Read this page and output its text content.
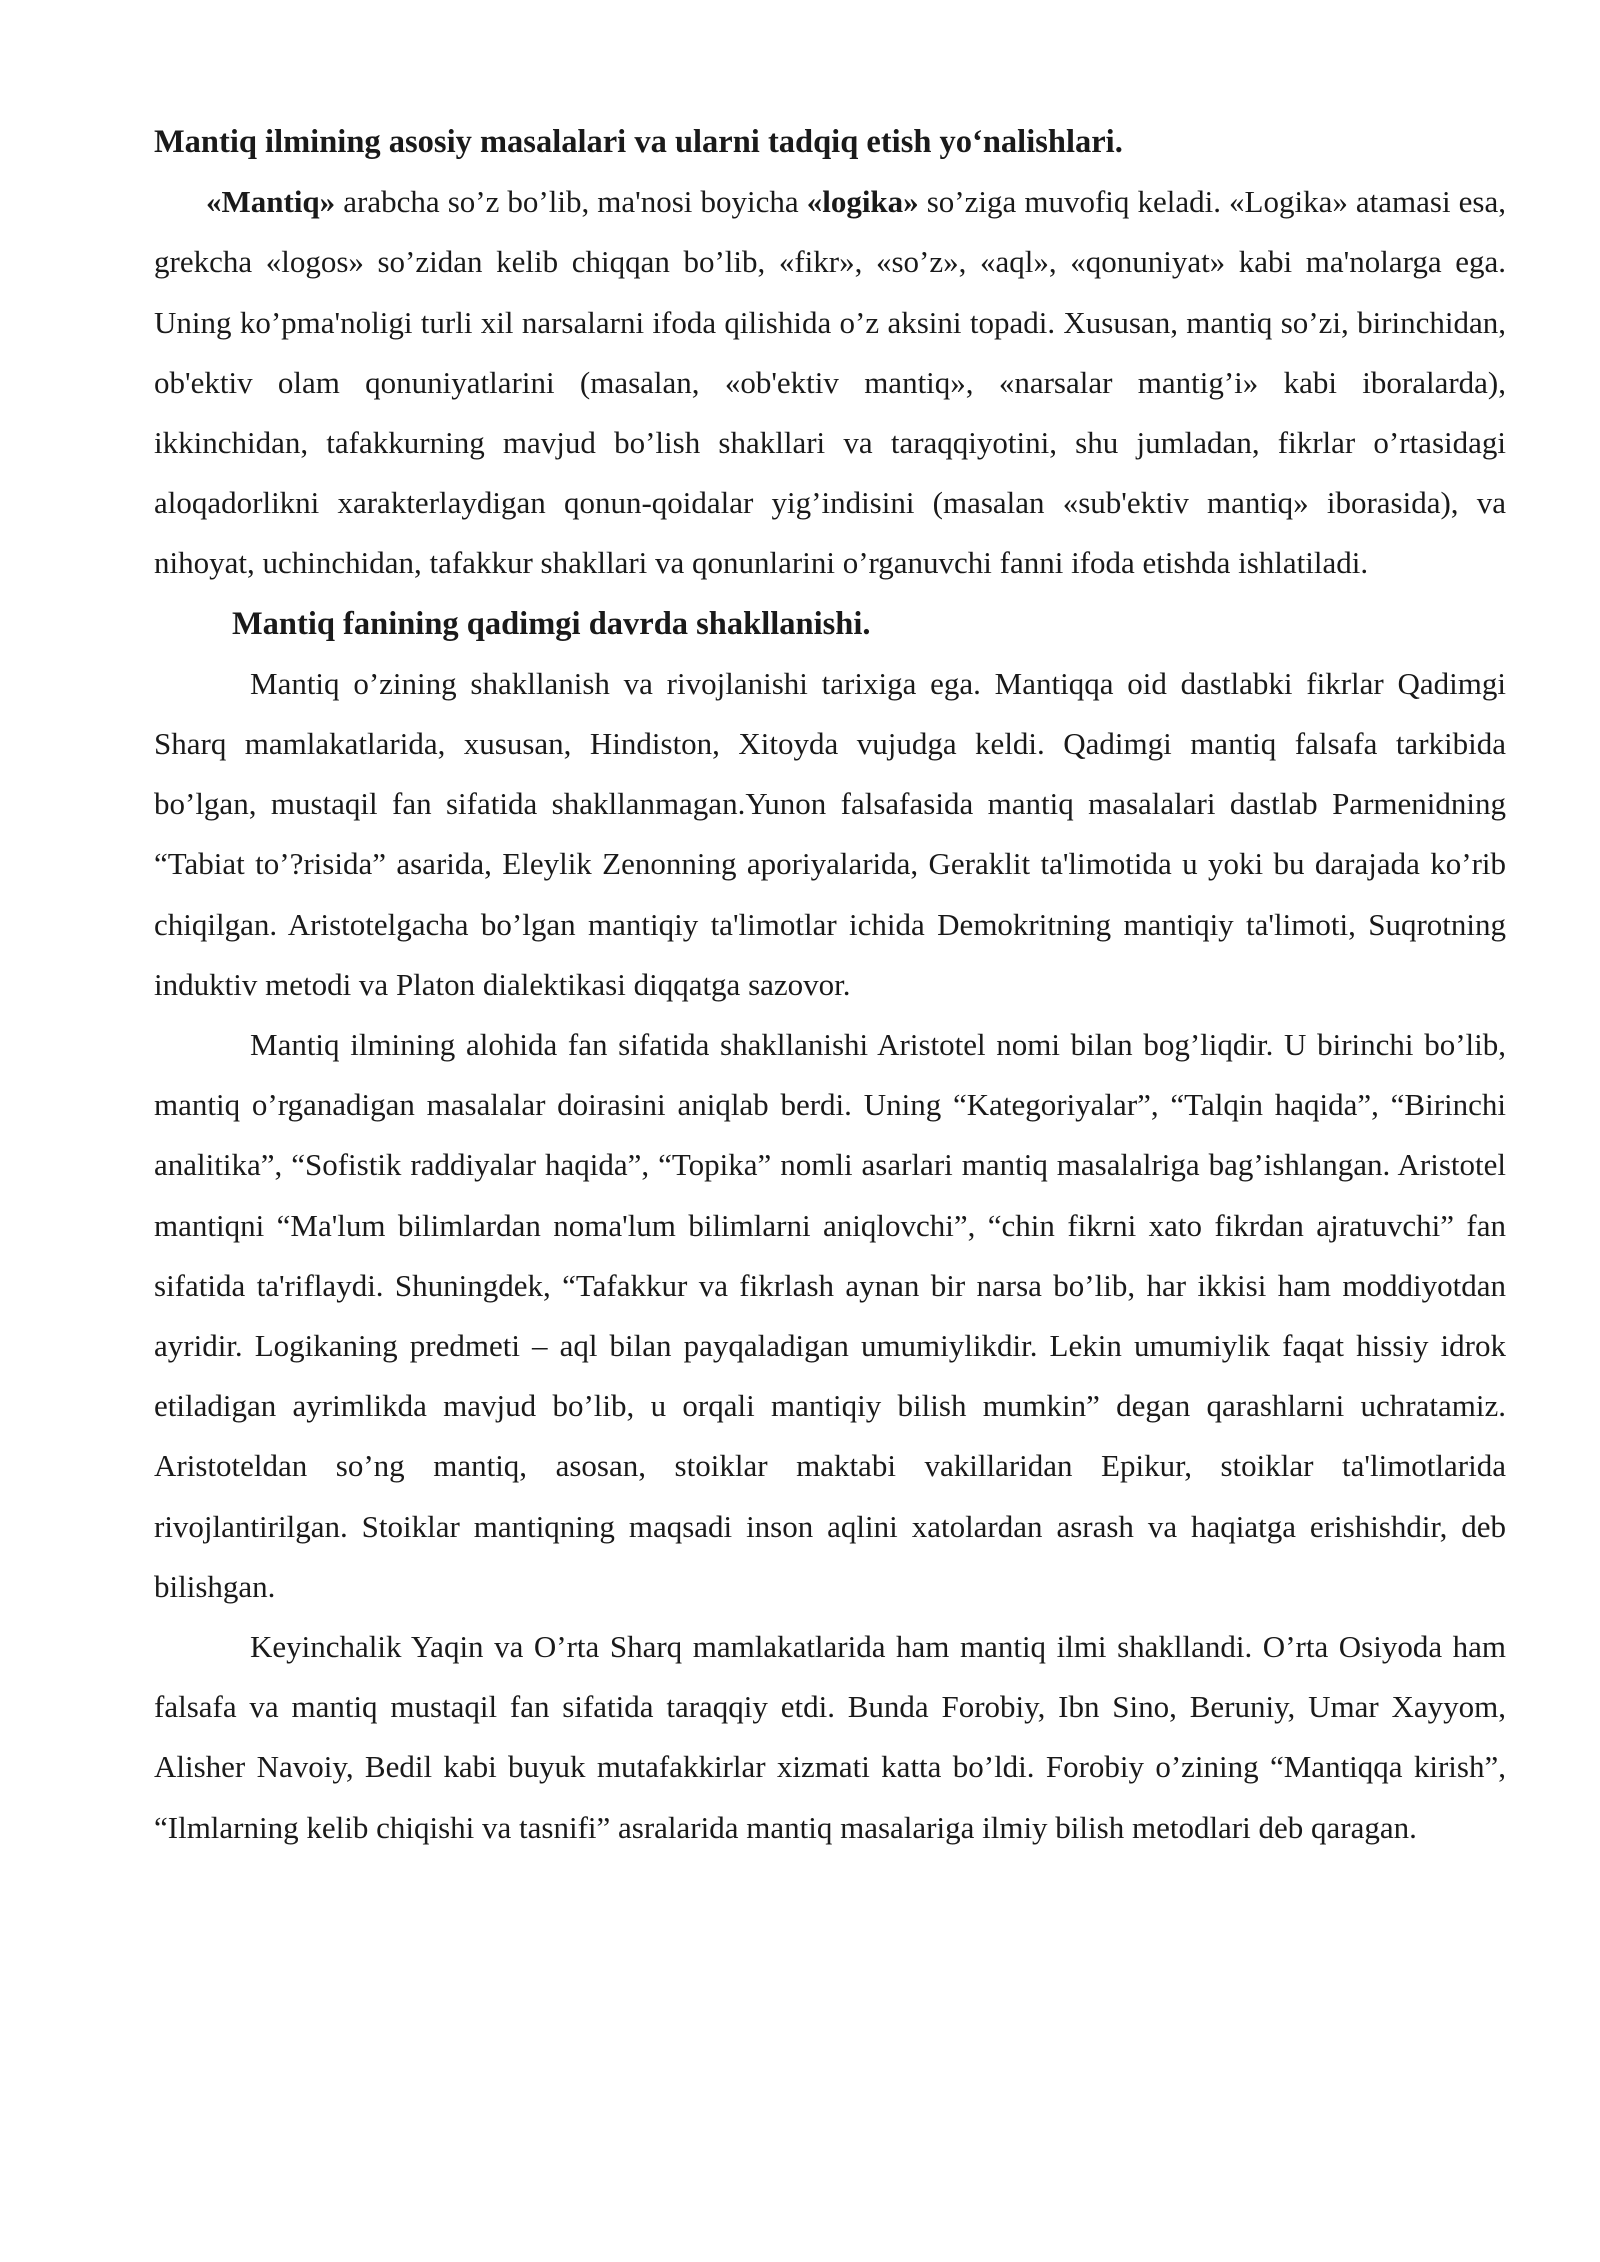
Mantiq ilmining asosiy masalalari va ularni tadqiq etish yo‘nalishlari.

«Mantiq» arabcha so’z bo’lib, ma'nosi boyicha «logika» so’ziga muvofiq keladi. «Logika» atamasi esa, grekcha «logos» so’zidan kelib chiqqan bo’lib, «fikr», «so’z», «aql», «qonuniyat» kabi ma'nolarga ega. Uning ko’pma'noligi turli xil narsalarni ifoda qilishida o’z aksini topadi. Xususan, mantiq so’zi, birinchidan, ob'ektiv olam qonuniyatlarini (masalan, «ob'ektiv mantiq», «narsalar mantig’i» kabi iboralarda), ikkinchidan, tafakkurning mavjud bo’lish shakllari va taraqqiyotini, shu jumladan, fikrlar o’rtasidagi aloqadorlikni xarakterlaydigan qonun-qoidalar yig’indisini (masalan «sub'ektiv mantiq» iborasida), va nihoyat, uchinchidan, tafakkur shakllari va qonunlarini o’rganuvchi fanni ifoda etishda ishlatiladi.

Mantiq fanining qadimgi davrda shakllanishi.

Mantiq o’zining shakllanish va rivojlanishi tarixiga ega. Mantiqqa oid dastlabki fikrlar Qadimgi Sharq mamlakatlarida, xususan, Hindiston, Xitoyda vujudga keldi. Qadimgi mantiq falsafa tarkibida bo’lgan, mustaqil fan sifatida shakllanmagan.Yunon falsafasida mantiq masalalari dastlab Parmenidning “Tabiat to’?risida” asarida, Eleylik Zenonning aporiyalarida, Geraklit ta'limotida u yoki bu darajada ko’rib chiqilgan. Aristotelgacha bo’lgan mantiqiy ta'limotlar ichida Demokritning mantiqiy ta'limoti, Suqrotning induktiv metodi va Platon dialektikasi diqqatga sazovor.

Mantiq ilmining alohida fan sifatida shakllanishi Aristotel nomi bilan bog’liqdir. U birinchi bo’lib, mantiq o’rganadigan masalalar doirasini aniqlab berdi. Uning “Kategoriyalar”, “Talqin haqida”, “Birinchi analitika”, “Sofistik raddiyalar haqida”, “Topika” nomli asarlari mantiq masalalriga bag’ishlangan. Aristotel mantiqni “Ma'lum bilimlardan noma'lum bilimlarni aniqlovchi”, “chin fikrni xato fikrdan ajratuvchi” fan sifatida ta'riflaydi. Shuningdek, “Tafakkur va fikrlash aynan bir narsa bo’lib, har ikkisi ham moddiyotdan ayridir. Logikaning predmeti – aql bilan payqaladigan umumiylikdir. Lekin umumiylik faqat hissiy idrok etiladigan ayrimlikda mavjud bo’lib, u orqali mantiqiy bilish mumkin” degan qarashlarni uchratamiz. Aristoteldan so’ng mantiq, asosan, stoiklar maktabi vakillaridan Epikur, stoiklar ta'limotlarida rivojlantirilgan. Stoiklar mantiqning maqsadi inson aqlini xatolardan asrash va haqiatga erishishdir, deb bilishgan.

Keyinchalik Yaqin va O’rta Sharq mamlakatlarida ham mantiq ilmi shakllandi. O’rta Osiyoda ham falsafa va mantiq mustaqil fan sifatida taraqqiy etdi. Bunda Forobiy, Ibn Sino, Beruniy, Umar Xayyom, Alisher Navoiy, Bedil kabi buyuk mutafakkirlar xizmati katta bo’ldi. Forobiy o’zining “Mantiqqa kirish”, “Ilmlarning kelib chiqishi va tasnifi” asralarida mantiq masalariga ilmiy bilish metodlari deb qaragan.
